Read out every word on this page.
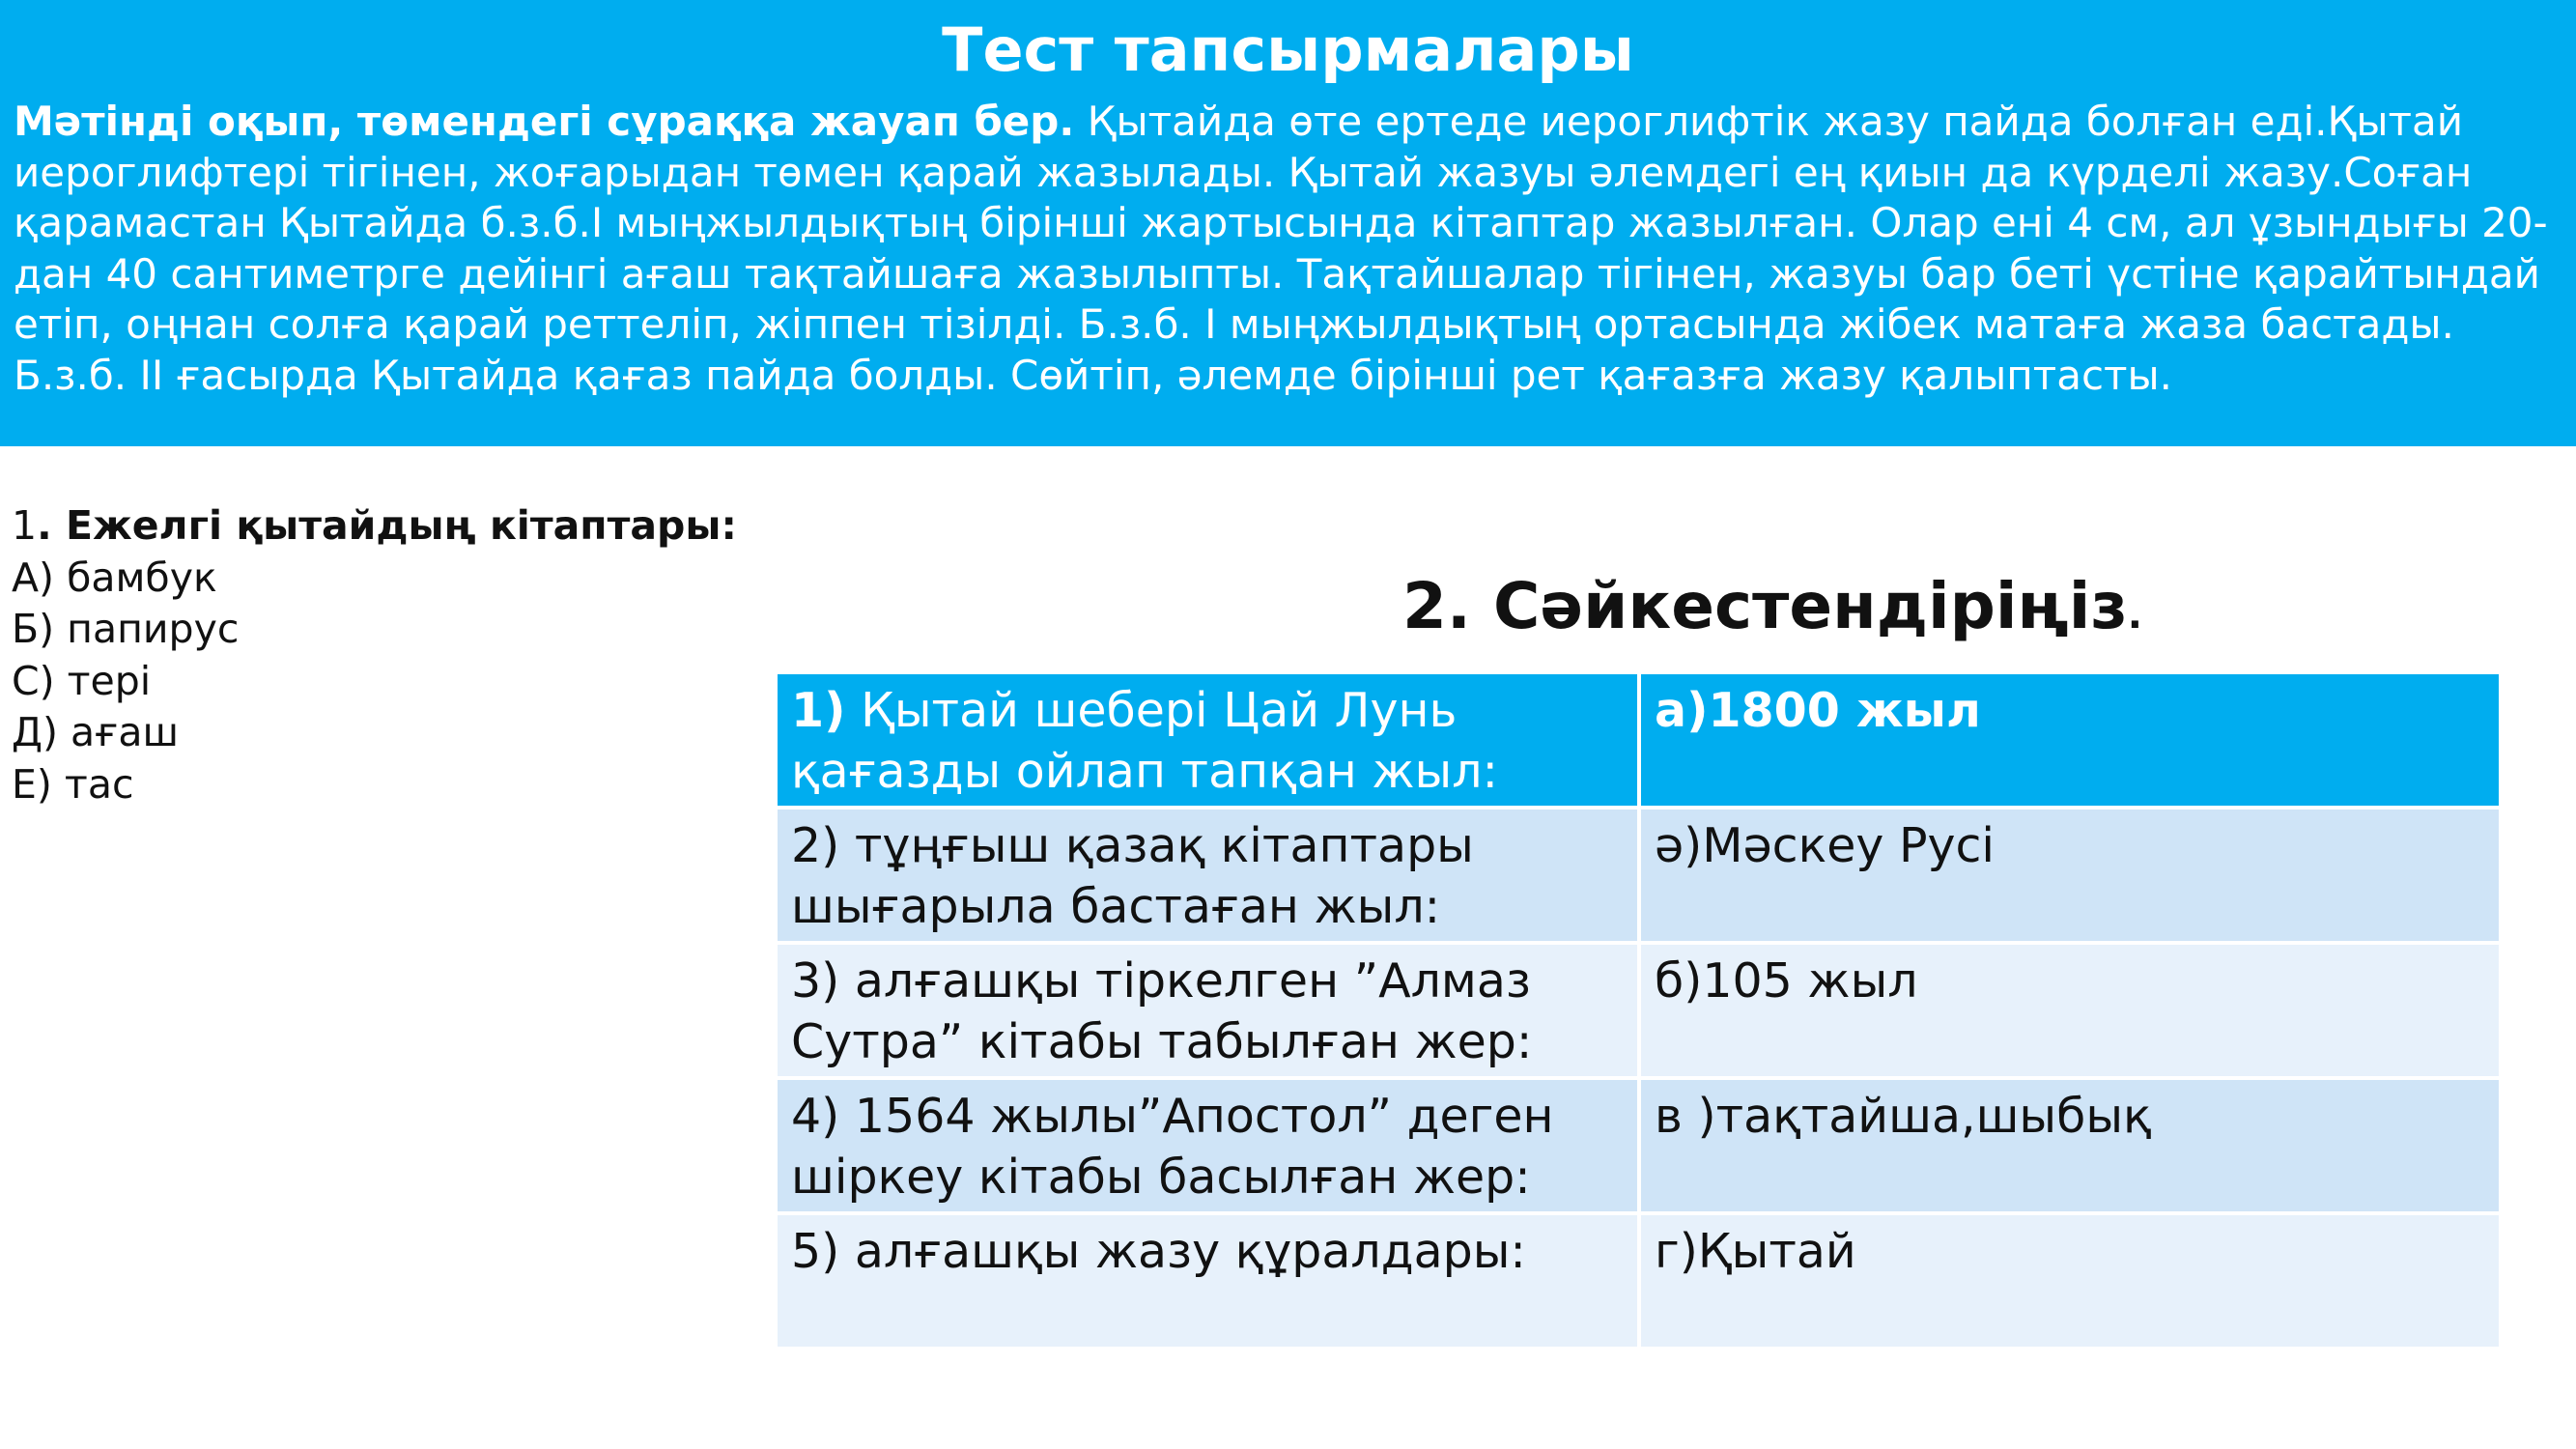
Тест тапсырмалары

Мәтінді оқып, төмендегі сұраққа жауап бер. Қытайда өте ертеде иероглифтік жазу пайда болған еді.Қытай иероглифтері тігінен, жоғарыдан төмен қарай жазылады. Қытай жазуы әлемдегі ең қиын да күрделі жазу.Соған қарамастан Қытайда б.з.б.І мыңжылдықтың бірінші жартысында кітаптар жазылған. Олар ені 4 см, ал ұзындығы 20-дан 40 сантиметрге дейінгі ағаш тақтайшаға жазылыпты. Тақтайшалар тігінен, жазуы бар беті үстіне қарайтындай етіп, оңнан солға қарай реттеліп, жіппен тізілді. Б.з.б. І мыңжылдықтың ортасында жібек матаға жаза бастады. Б.з.б. ІІ ғасырда Қытайда қағаз пайда болды. Сөйтіп, әлемде бірінші рет қағазға жазу қалыптасты.

1. Ежелгі қытайдың кітаптары:
А) бамбук
Б) папирус
С) тері
Д) ағаш
Е) тас
2. Сәйкестендіріңіз.
1) Қытай шебері Цай Лунь қағазды ойлап тапқан жыл:	а)1800 жыл
2) тұңғыш қазақ кітаптары шығарыла бастаған жыл:	ә)Мәскеу Русі
3) алғашқы тіркелген ”Алмаз Сутра” кітабы табылған жер:	б)105 жыл
4) 1564 жылы”Апостол” деген шіркеу кітабы басылған жер:	в )тақтайша,шыбық
5) алғашқы жазу құралдары:	г)Қытай
